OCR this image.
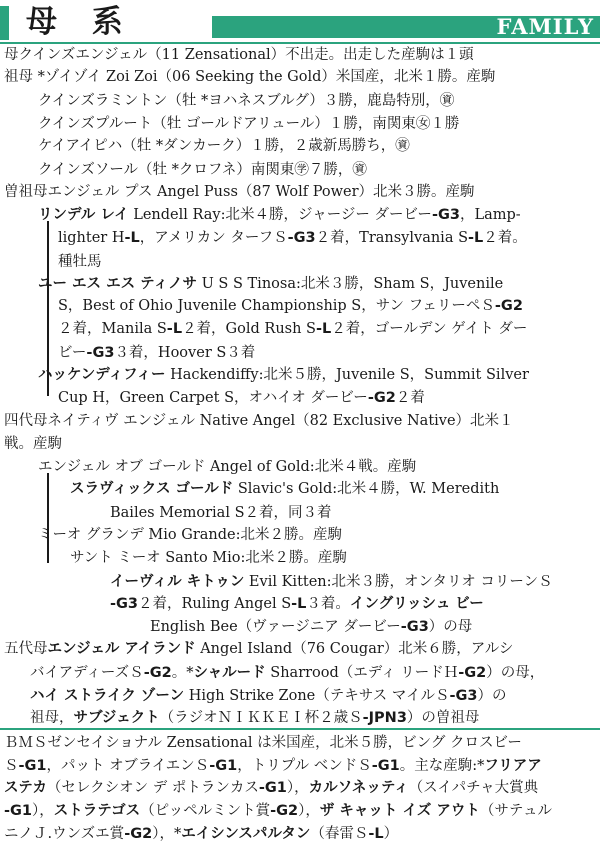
母 系	FAMILY
母クインズエンジェル（11 Zensational）不出走。出走した産駒は１頭
祖母 *ゾイゾイ Zoi Zoi（06 Seeking the Gold）米国産，北米１勝。産駒
クインズラミントン（牡 *ヨハネスブルグ）３勝，鹿島特別，㊮
クインズプルート（牡 ゴールドアリュール）１勝，南関東㊛１勝
ケイアイピハ（牡 *ダンカーク）１勝，２歳新馬勝ち，㊮
クインズソール（牡 *クロフネ）南関東㊫７勝，㊮
曽祖母エンジェル プス Angel Puss（87 Wolf Power）北米３勝。産駒
リンデル レイ Lendell Ray:北米４勝，ジャージー ダービー-G3，Lamp-
lighter H-L，アメリカン ターフＳ-G3２着，Transylvania S-L２着。
種牡馬
ユー エス エス ティノサ U S S Tinosa:北米３勝，Sham S，Juvenile
S，Best of Ohio Juvenile Championship S，サン フェリーペＳ-G2
２着，Manila S-L２着，Gold Rush S-L２着，ゴールデン ゲイト ダー
ビー-G3３着，Hoover S３着
ハッケンディフィー Hackendiffy:北米５勝，Juvenile S，Summit Silver
Cup H，Green Carpet S，オハイオ ダービー-G2２着
四代母ネイティヴ エンジェル Native Angel（82 Exclusive Native）北米１
戦。産駒
エンジェル オブ ゴールド Angel of Gold:北米４戦。産駒
スラヴィックス ゴールド Slavic's Gold:北米４勝，W. Meredith
Bailes Memorial S２着，同３着
ミーオ グランデ Mio Grande:北米２勝。産駒
サント ミーオ Santo Mio:北米２勝。産駒
イーヴィル キトゥン Evil Kitten:北米３勝，オンタリオ コリーンＳ
-G3２着，Ruling Angel S-L３着。イングリッシュ ビー
English Bee（ヴァージニア ダービー-G3）の母
五代母エンジェル アイランド Angel Island（76 Cougar）北米６勝，アルシ
バイアディーズＳ-G2。*シャルード Sharrood（エディ リードＨ-G2）の母，
ハイ ストライク ゾーン High Strike Zone（テキサス マイルＳ-G3）の
祖母，サブジェクト（ラジオＮＩＫＫＥＩ杯２歳Ｓ-JPN3）の曽祖母
ＢＭＳゼンセイショナル Zensational は米国産，北米５勝，ビング クロスビー
Ｓ-G1，パット オブライエンＳ-G1，トリプル ベンドＳ-G1。主な産駒:*フリアア
ステカ（セレクシオン デ ポトランカス-G1），カルソネッティ（スイパチャ大賞典
-G1），ストラテゴス（ピッペルミント賞-G2），ザ キャット イズ アウト（サテュル
ニノＪ.ウンズエ賞-G2），*エイシンスパルタン（春雷Ｓ-L）
